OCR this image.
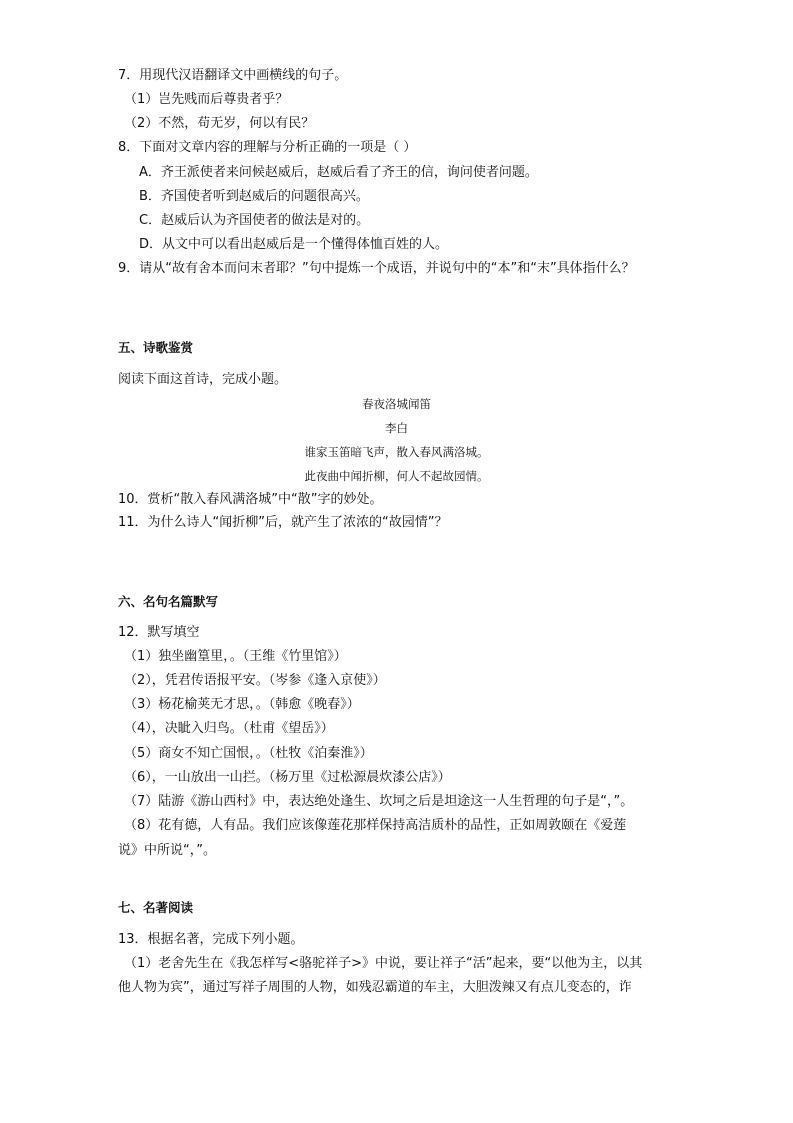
7．用现代汉语翻译文中画横线的句子。
（1）岂先贱而后尊贵者乎？
（2）不然，苟无岁，何以有民？
8．下面对文章内容的理解与分析正确的一项是（ ）
A．齐王派使者来问候赵威后，赵威后看了齐王的信，询问使者问题。
B．齐国使者听到赵威后的问题很高兴。
C．赵威后认为齐国使者的做法是对的。
D．从文中可以看出赵威后是一个懂得体恤百姓的人。
9．请从“故有舍本而问末者耶？”句中提炼一个成语，并说句中的“本”和“末”具体指什么？
五、诗歌鉴赏
阅读下面这首诗，完成小题。
春夜洛城闻笛
李白
谁家玉笛暗飞声，散入春风满洛城。
此夜曲中闻折柳，何人不起故园情。
10．赏析“散入春风满洛城”中“散”字的妙处。
11．为什么诗人“闻折柳”后，就产生了浓浓的“故园情”？
六、名句名篇默写
12．默写填空
（1）独坐幽篁里，。（王维《竹里馆》）
（2），凭君传语报平安。（岑参《逢入京使》）
（3）杨花榆荚无才思，。（韩愈《晚春》）
（4），决眦入归鸟。（杜甫《望岳》）
（5）商女不知亡国恨，。（杜牧《泊秦淮》）
（6），一山放出一山拦。（杨万里《过松源晨炊漆公店》）
（7）陆游《游山西村》中，表达绝处逢生、坎坷之后是坦途这一人生哲理的句子是“，”。
（8）花有德，人有品。我们应该像莲花那样保持高洁质朴的品性，正如周敦颐在《爱莲
说》中所说“，”。
七、名著阅读
13．根据名著，完成下列小题。
（1）老舍先生在《我怎样写<骆驼祥子>》中说，要让祥子“活”起来，要“以他为主，以其
他人物为宾”，通过写祥子周围的人物，如残忍霸道的车主，大胆泼辣又有点儿变态的，诈
